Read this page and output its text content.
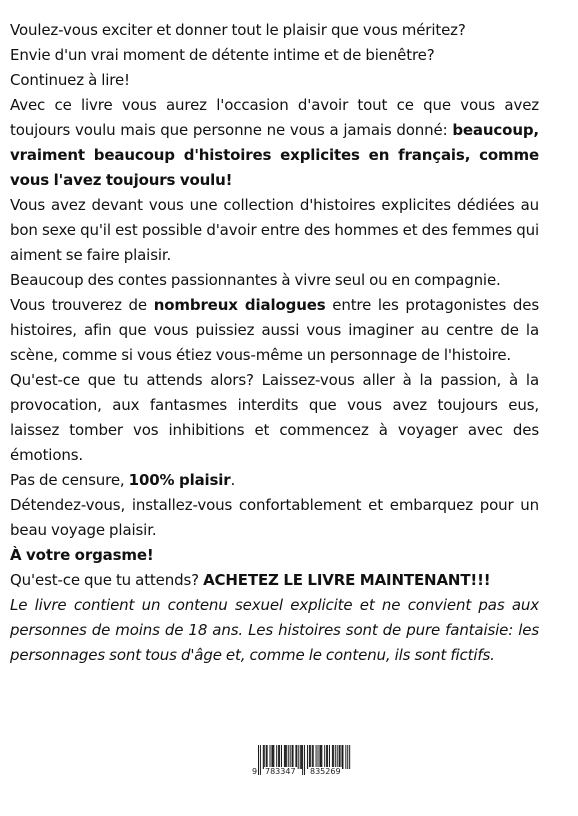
Voulez-vous exciter et donner tout le plaisir que vous méritez?

Envie d'un vrai moment de détente intime et de bienêtre?

Continuez à lire!

Avec ce livre vous aurez l'occasion d'avoir tout ce que vous avez toujours voulu mais que personne ne vous a jamais donné: beaucoup, vraiment beaucoup d'histoires explicites en français, comme vous l'avez toujours voulu!

Vous avez devant vous une collection d'histoires explicites dédiées au bon sexe qu'il est possible d'avoir entre des hommes et des femmes qui aiment se faire plaisir.

Beaucoup des contes passionnantes à vivre seul ou en compagnie.

Vous trouverez de nombreux dialogues entre les protagonistes des histoires, afin que vous puissiez aussi vous imaginer au centre de la scène, comme si vous étiez vous-même un personnage de l'histoire.

Qu'est-ce que tu attends alors? Laissez-vous aller à la passion, à la provocation, aux fantasmes interdits que vous avez toujours eus, laissez tomber vos inhibitions et commencez à voyager avec des émotions.

Pas de censure, 100% plaisir.

Détendez-vous, installez-vous confortablement et embarquez pour un beau voyage plaisir.

À votre orgasme!

Qu'est-ce que tu attends? ACHETEZ LE LIVRE MAINTENANT!!!

Le livre contient un contenu sexuel explicite et ne convient pas aux personnes de moins de 18 ans. Les histoires sont de pure fantaisie: les personnages sont tous d'âge et, comme le contenu, ils sont fictifs.

9 783347 835269
